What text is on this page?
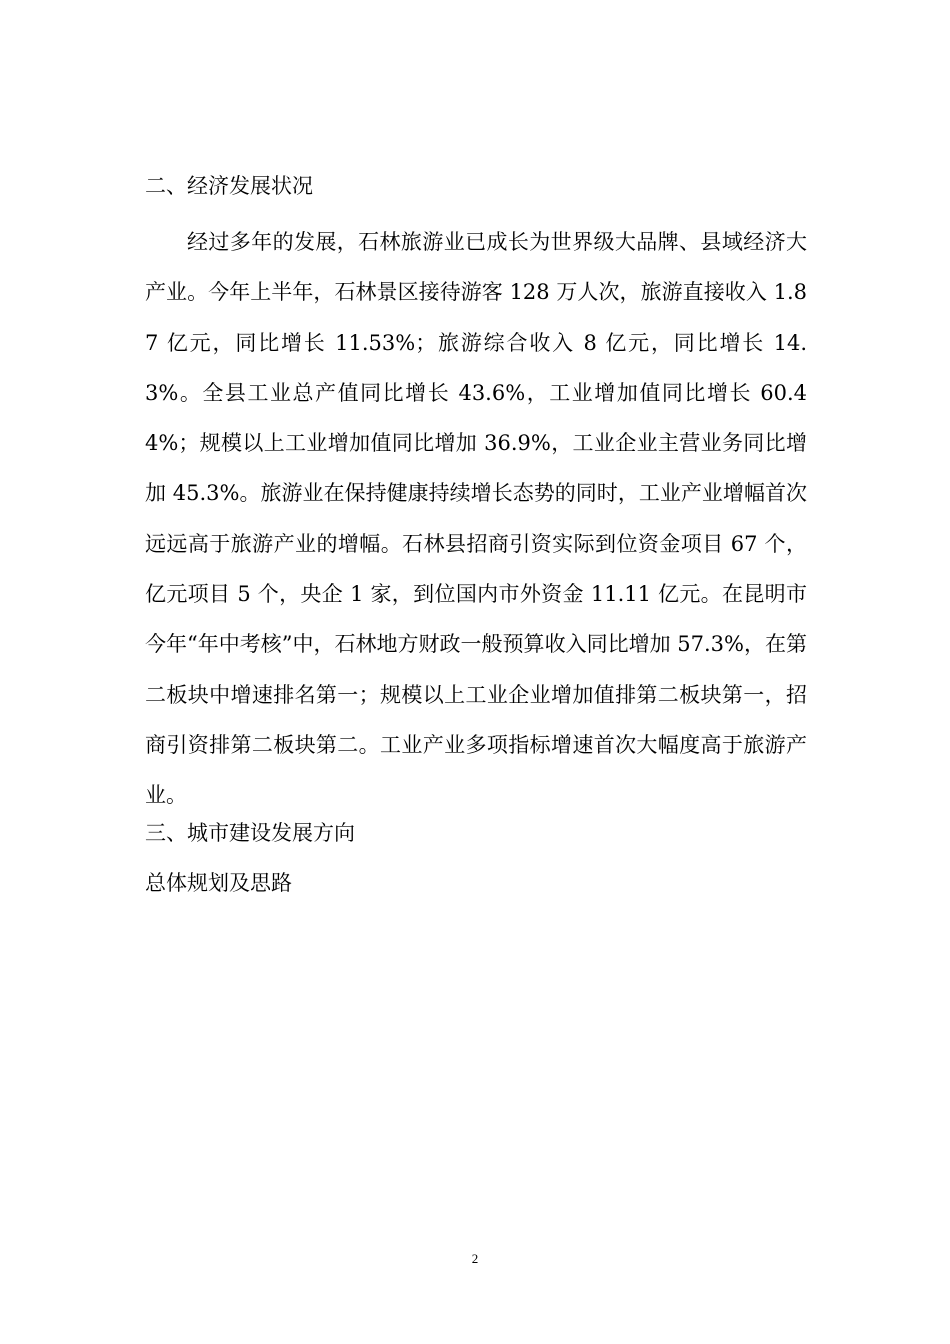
二、经济发展状况

经过多年的发展，石林旅游业已成长为世界级大品牌、县域经济大产业。今年上半年，石林景区接待游客 128 万人次，旅游直接收入 1.87 亿元，同比增长 11.53%；旅游综合收入 8 亿元，同比增长 14.3%。全县工业总产值同比增长 43.6%，工业增加值同比增长 60.44%；规模以上工业增加值同比增加 36.9%，工业企业主营业务同比增加 45.3%。旅游业在保持健康持续增长态势的同时，工业产业增幅首次远远高于旅游产业的增幅。石林县招商引资实际到位资金项目 67 个，亿元项目 5 个，央企 1 家，到位国内市外资金 11.11 亿元。在昆明市今年“年中考核”中，石林地方财政一般预算收入同比增加 57.3%，在第二板块中增速排名第一；规模以上工业企业增加值排第二板块第一，招商引资排第二板块第二。工业产业多项指标增速首次大幅度高于旅游产业。

三、城市建设发展方向
总体规划及思路
2
